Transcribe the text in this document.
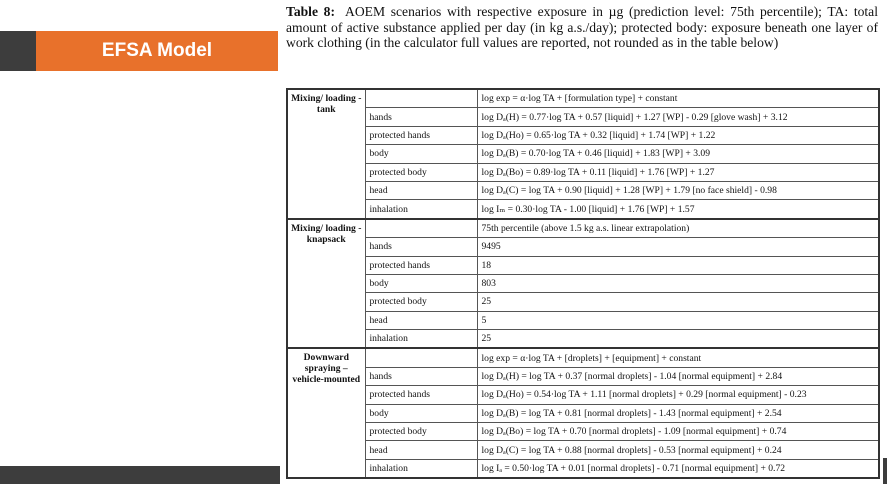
EFSA Model
Table 8: AOEM scenarios with respective exposure in µg (prediction level: 75th percentile); TA: total amount of active substance applied per day (in kg a.s./day); protected body: exposure beneath one layer of work clothing (in the calculator full values are reported, not rounded as in the table below)
Mixing/ loading - tank		log exp = α·log TA + [formulation type] + constant
	hands	log Dₐ(H) = 0.77·log TA + 0.57 [liquid] + 1.27 [WP] - 0.29 [glove wash] + 3.12
	protected hands	log Dₐ(Ho) = 0.65·log TA + 0.32 [liquid] + 1.74 [WP] + 1.22
	body	log Dₐ(B) = 0.70·log TA + 0.46 [liquid] + 1.83 [WP] + 3.09
	protected body	log Dₐ(Bo) = 0.89·log TA + 0.11 [liquid] + 1.76 [WP] + 1.27
	head	log Dₐ(C) = log TA + 0.90 [liquid] + 1.28 [WP] + 1.79 [no face shield] - 0.98
	inhalation	log Iₘ = 0.30·log TA - 1.00 [liquid] + 1.76 [WP] + 1.57
Mixing/ loading - knapsack		75th percentile (above 1.5 kg a.s. linear extrapolation)
	hands	9495
	protected hands	18
	body	803
	protected body	25
	head	5
	inhalation	25
Downward spraying – vehicle-mounted		log exp = α·log TA + [droplets] + [equipment] + constant
	hands	log Dₐ(H) = log TA + 0.37 [normal droplets] - 1.04 [normal equipment] + 2.84
	protected hands	log Dₐ(Ho) = 0.54·log TA + 1.11 [normal droplets] + 0.29 [normal equipment] - 0.23
	body	log Dₐ(B) = log TA + 0.81 [normal droplets] - 1.43 [normal equipment] + 2.54
	protected body	log Dₐ(Bo) = log TA + 0.70 [normal droplets] - 1.09 [normal equipment] + 0.74
	head	log Dₐ(C) = log TA + 0.88 [normal droplets] - 0.53 [normal equipment] + 0.24
	inhalation	log Iₐ = 0.50·log TA + 0.01 [normal droplets] - 0.71 [normal equipment] + 0.72
